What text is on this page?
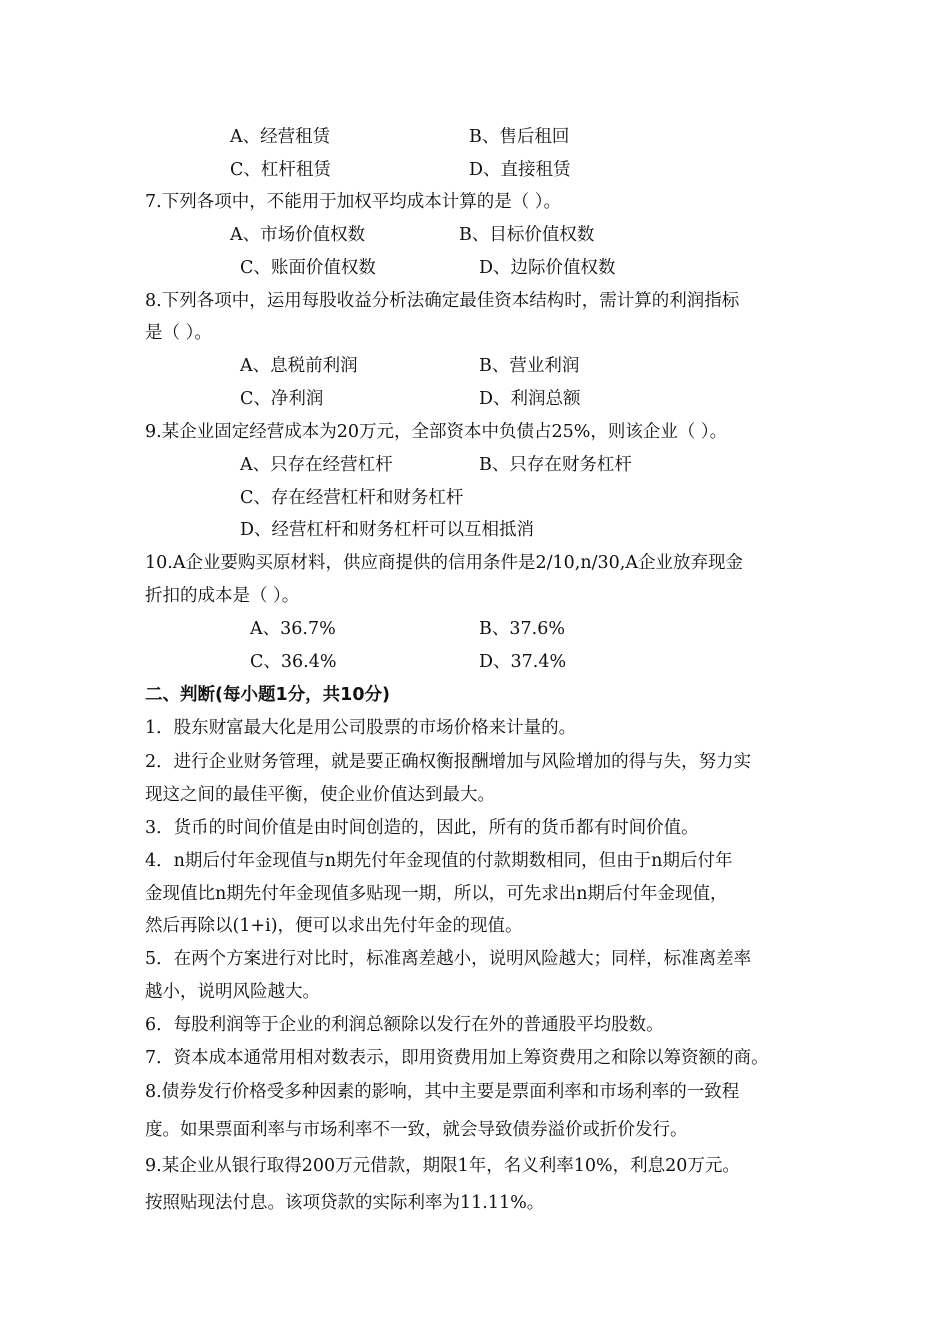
A、经营租赁	B、售后租回
C、杠杆租赁	D、直接租赁
7.下列各项中，不能用于加权平均成本计算的是（ ）。
A、市场价值权数	B、目标价值权数
C、账面价值权数	D、边际价值权数
8.下列各项中，运用每股收益分析法确定最佳资本结构时，需计算的利润指标
是（ ）。
A、息税前利润	B、营业利润
C、净利润	D、利润总额
9.某企业固定经营成本为20万元，全部资本中负债占25%，则该企业（ ）。
A、只存在经营杠杆	B、只存在财务杠杆
C、存在经营杠杆和财务杠杆
D、经营杠杆和财务杠杆可以互相抵消
10.A企业要购买原材料，供应商提供的信用条件是2/10,n/30,A企业放弃现金
折扣的成本是（ ）。
A、36.7%	B、37.6%
C、36.4%	D、37.4%
二、判断(每小题1分，共10分)
1．股东财富最大化是用公司股票的市场价格来计量的。
2．进行企业财务管理，就是要正确权衡报酬增加与风险增加的得与失，努力实
现这之间的最佳平衡，使企业价值达到最大。
3．货币的时间价值是由时间创造的，因此，所有的货币都有时间价值。
4．n期后付年金现值与n期先付年金现值的付款期数相同，但由于n期后付年
金现值比n期先付年金现值多贴现一期，所以，可先求出n期后付年金现值，
然后再除以(1+i)，便可以求出先付年金的现值。
5．在两个方案进行对比时，标准离差越小，说明风险越大；同样，标准离差率
越小，说明风险越大。
6．每股利润等于企业的利润总额除以发行在外的普通股平均股数。
7．资本成本通常用相对数表示，即用资费用加上筹资费用之和除以筹资额的商。
8.债券发行价格受多种因素的影响，其中主要是票面利率和市场利率的一致程
度。如果票面利率与市场利率不一致，就会导致债券溢价或折价发行。
9.某企业从银行取得200万元借款，期限1年，名义利率10%，利息20万元。
按照贴现法付息。该项贷款的实际利率为11.11%。
